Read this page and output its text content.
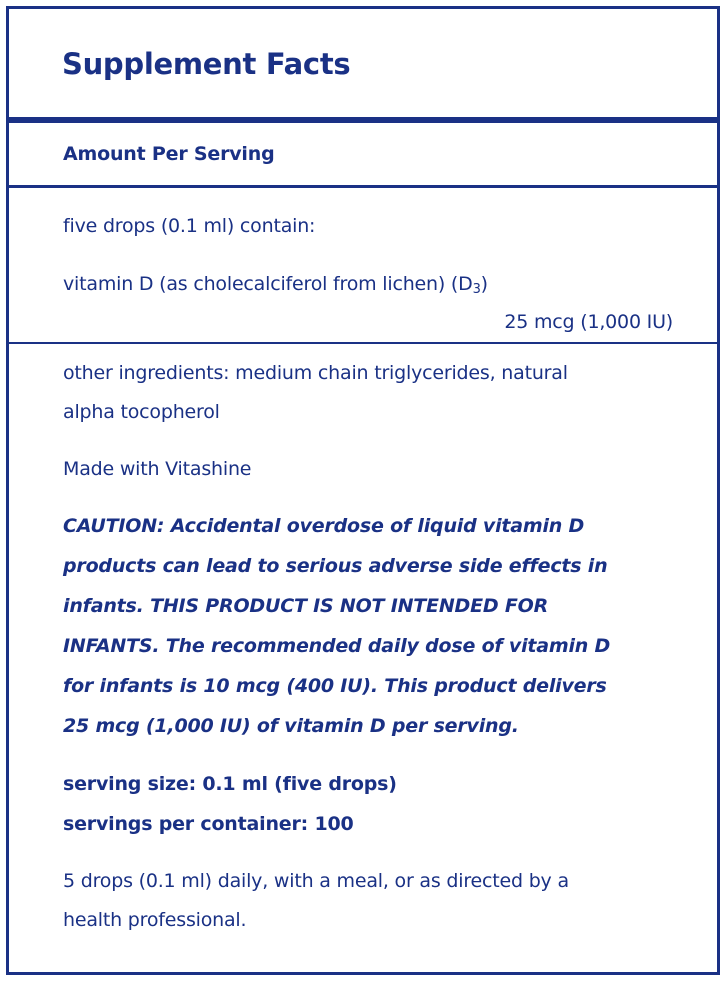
Supplement Facts
Amount Per Serving
five drops (0.1 ml) contain:
vitamin D (as cholecalciferol from lichen) $(D_3)$
25 mcg (1,000 IU)
other ingredients: medium chain triglycerides, natural
alpha tocopherol
Made with Vitashine
CAUTION: Accidental overdose of liquid vitamin D
products can lead to serious adverse side effects in
infants. THIS PRODUCT IS NOT INTENDED FOR
INFANTS. The recommended daily dose of vitamin D
for infants is 10 mcg (400 IU). This product delivers
25 mcg (1,000 IU) of vitamin D per serving.
serving size: 0.1 ml (five drops)
servings per container: 100
5 drops (0.1 ml) daily, with a meal, or as directed by a
health professional.
